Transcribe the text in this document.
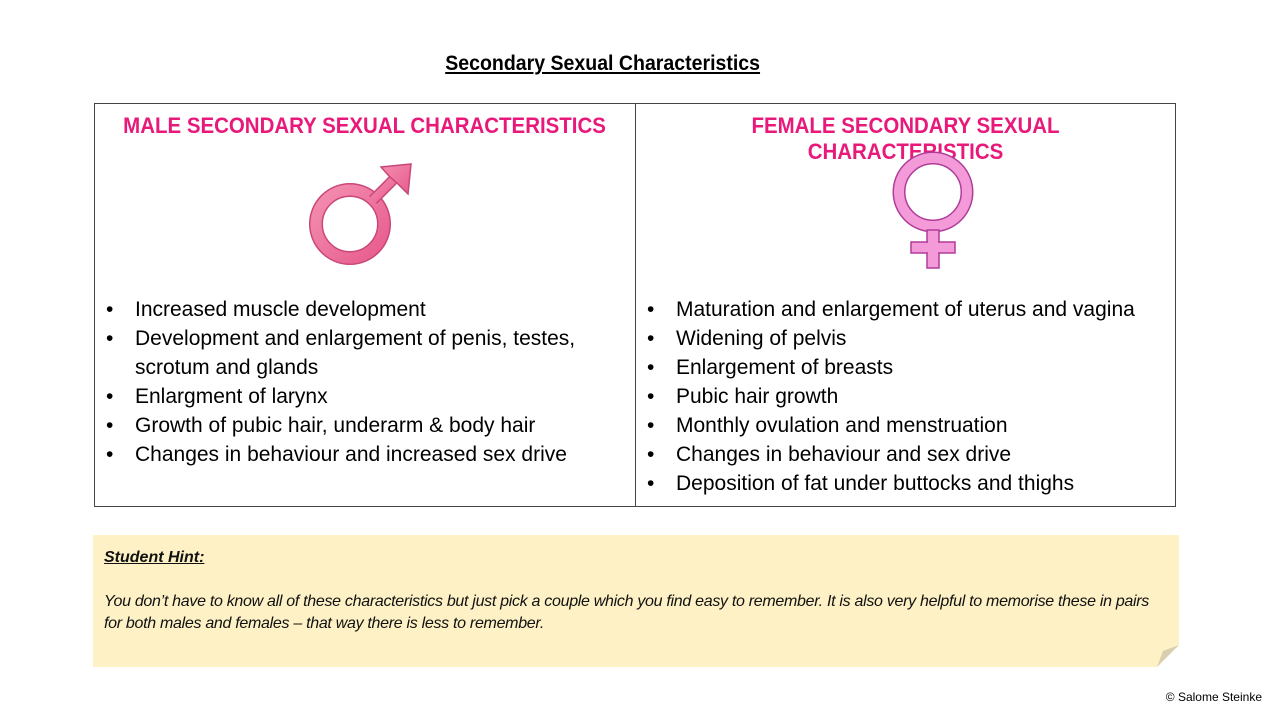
Secondary Sexual Characteristics
MALE SECONDARY SEXUAL CHARACTERISTICS
• Increased muscle development
• Development and enlargement of penis, testes, scrotum and glands
• Enlargment of larynx
• Growth of pubic hair, underarm & body hair
• Changes in behaviour and increased sex drive
FEMALE SECONDARY SEXUAL CHARACTERISTICS
• Maturation and enlargement of uterus and vagina
• Widening of pelvis
• Enlargement of breasts
• Pubic hair growth
• Monthly ovulation and menstruation
• Changes in behaviour and sex drive
• Deposition of fat under buttocks and thighs
Student Hint:
You don’t have to know all of these characteristics but just pick a couple which you find easy to remember. It is also very helpful to memorise these in pairs for both males and females – that way there is less to remember.
© Salome Steinke
